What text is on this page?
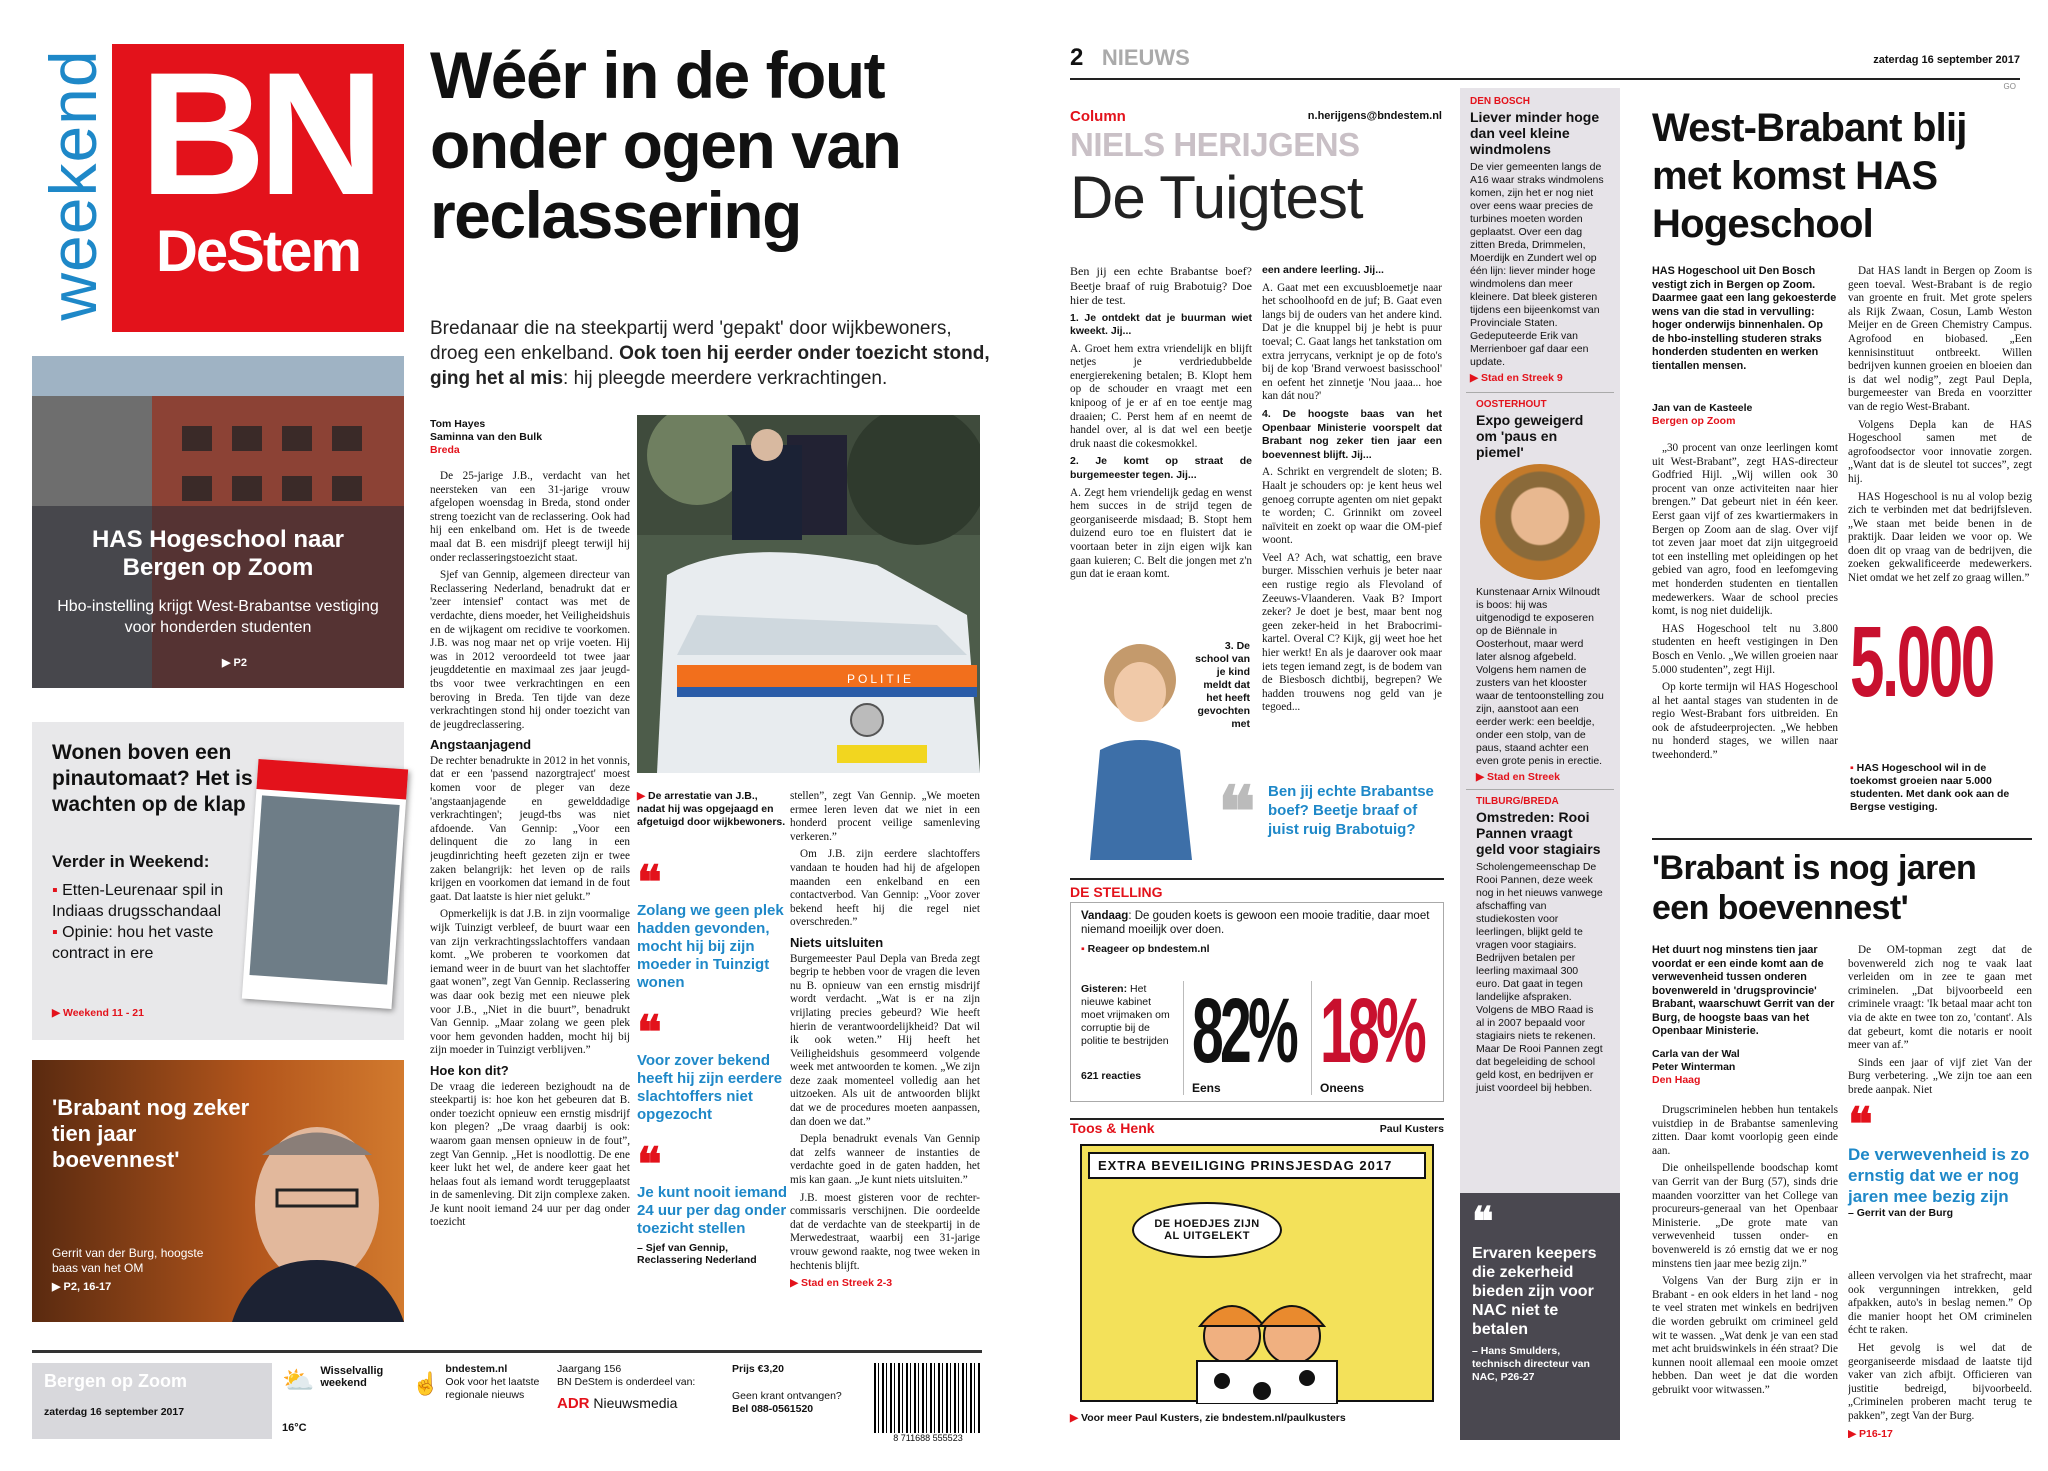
weekend BN
DeStem
Wéér in de fout onder ogen van reclassering
Bredanaar die na steekpartij werd 'gepakt' door wijkbewoners, droeg een enkelband. Ook toen hij eerder onder toezicht stond, ging het al mis: hij pleegde meerdere verkrachtingen.
Tom Hayes
Saminna van den Bulk
Breda

De 25-jarige J.B., verdacht van het neersteken van een 31-jarige vrouw afgelopen woensdag in Breda, stond onder streng toezicht van de reclassering. Ook had hij een enkelband om. Het is de tweede maal dat B. een misdrijf pleegt terwijl hij onder reclasseringstoezicht staat.

Sjef van Gennip, algemeen directeur van Reclassering Nederland, benadrukt dat er 'zeer intensief' contact was met de verdachte, diens moeder, het Veiligheidshuis en de wijkagent om recidive te voorkomen. J.B. was nog maar net op vrije voeten. Hij was in 2012 veroordeeld tot twee jaar jeugddetentie en maximaal zes jaar jeugd-tbs voor twee verkrachtingen en een beroving in Breda. Ten tijde van deze verkrachtingen stond hij onder toezicht van de jeugdreclassering.

Angstaanjagend

De rechter benadrukte in 2012 in het vonnis, dat er een 'passend nazorgtraject' moest komen voor de pleger van deze 'angstaanjagende en gewelddadige verkrachtingen'; jeugd-tbs was niet afdoende. Van Gennip: „Voor een delinquent die zo lang in een jeugdinrichting heeft gezeten zijn er twee zaken belangrijk: het leven op de rails krijgen en voorkomen dat iemand in de fout gaat. Dat laatste is hier niet gelukt.”

Opmerkelijk is dat J.B. in zijn voormalige wijk Tuinzigt verbleef, de buurt waar een van zijn verkrachtingsslachtoffers vandaan komt. „We proberen te voorkomen dat iemand weer in de buurt van het slachtoffer gaat wonen”, zegt Van Gennip. Reclassering was daar ook bezig met een nieuwe plek voor J.B., „Niet in die buurt”, benadrukt Van Gennip. „Maar zolang we geen plek voor hem gevonden hadden, mocht hij bij zijn moeder in Tuinzigt verblijven.”

Hoe kon dit?

De vraag die iedereen bezighoudt na de steekpartij is: hoe kon het gebeuren dat B. onder toezicht opnieuw een ernstig misdrijf kon plegen? „De vraag daarbij is ook: waarom gaan mensen opnieuw in de fout”, zegt Van Gennip. „Het is noodlottig. De ene keer lukt het wel, de andere keer gaat het helaas fout als iemand wordt teruggeplaatst in de samenleving. Dit zijn complexe zaken. Je kunt nooit iemand 24 uur per dag onder toezicht

POLITIE
▶ De arrestatie van J.B., nadat hij was opgejaagd en afgetuigd door wijkbewoners.
❝
Zolang we geen plek hadden gevonden, mocht hij bij zijn moeder in Tuinzigt wonen
❝
Voor zover bekend heeft hij zijn eerdere slachtoffers niet opgezocht
❝
Je kunt nooit iemand 24 uur per dag onder toezicht stellen
– Sjef van Gennip, Reclassering Nederland

stellen”, zegt Van Gennip. „We moeten ermee leren leven dat we niet in een honderd procent veilige samenleving verkeren.”

Om J.B. zijn eerdere slachtoffers vandaan te houden had hij de afgelopen maanden een enkelband en een contactverbod. Van Gennip: „Voor zover bekend heeft hij die regel niet overschreden.”

Niets uitsluiten

Burgemeester Paul Depla van Breda zegt begrip te hebben voor de vragen die leven nu B. opnieuw van een ernstig misdrijf wordt verdacht. „Wat is er na zijn vrijlating precies gebeurd? Wie heeft hierin de verantwoordelijkheid? Dat wil ik ook weten.” Hij heeft het Veiligheidshuis gesommeerd volgende week met antwoorden te komen. „We zijn deze zaak momenteel volledig aan het uitzoeken. Als uit de antwoorden blijkt dat we de procedures moeten aanpassen, dan doen we dat.”

Depla benadrukt evenals Van Gennip dat zelfs wanneer de instanties de verdachte goed in de gaten hadden, het mis kan gaan. „Je kunt niets uitsluiten.”

J.B. moest gisteren voor de rechter-commissaris verschijnen. Die oordeelde dat de verdachte van de steekpartij in de Merwedestraat, waarbij een 31-jarige vrouw gewond raakte, nog twee weken in hechtenis blijft.

▶ Stad en Streek 2-3
HAS Hogeschool naar Bergen op Zoom
Hbo-instelling krijgt West-Brabantse vestiging voor honderden studenten
▶ P2
Wonen boven een pinautomaat? Het is wachten op de klap
Verder in Weekend:
▪ Etten-Leurenaar spil in Indiaas drugsschandaal
▪ Opinie: hou het vaste contract in ere
▶ Weekend 11 - 21
'Brabant nog zeker tien jaar boevennest'
Gerrit van der Burg, hoogste baas van het OM
▶ P2, 16-17
Bergen op Zoom
zaterdag 16 september 2017
⛅ Wisselvallig weekend
16°C
☝
bndestem.nl
Ook voor het laatste regionale nieuws
Jaargang 156
BN DeStem is onderdeel van:
ADR Nieuwsmedia
Prijs €3,20
Geen krant ontvangen?
Bel 088-0561520
8 711688 555523
2 NIEUWS	zaterdag 16 september 2017
GO
Column	n.herijgens@bndestem.nl
NIELS HERIJGENS
De Tuigtest

Ben jij een echte Brabantse boef? Beetje braaf of ruig Brabotuig? Doe hier de test.

1. Je ontdekt dat je buurman wiet kweekt. Jij...

A. Groet hem extra vriendelijk en blijft netjes je verdriedubbelde energierekening betalen; B. Klopt hem op de schouder en vraagt met een knipoog of je er af en toe eentje mag draaien; C. Perst hem af en neemt de handel over, al is dat wel een beetje druk naast die cokesmokkel.

2. Je komt op straat de burgemeester tegen. Jij...

A. Zegt hem vriendelijk gedag en wenst hem succes in de strijd tegen de georganiseerde misdaad; B. Stopt hem duizend euro toe en fluistert dat ie voortaan beter in zijn eigen wijk kan gaan kuieren; C. Belt die jongen met z'n gun dat ie eraan komt.

3. De school van je kind meldt dat het heeft gevochten met

een andere leerling. Jij...

A. Gaat met een excuusbloemetje naar het schoolhoofd en de juf; B. Gaat even langs bij de ouders van het andere kind. Dat je die knuppel bij je hebt is puur toeval; C. Gaat langs het tankstation om extra jerrycans, verknipt je op de foto's bij de kop 'Brand verwoest basisschool' en oefent het zinnetje 'Nou jaaa... hoe kan dát nou?'

4. De hoogste baas van het Openbaar Ministerie voorspelt dat Brabant nog zeker tien jaar een boevennest blijft. Jij...

A. Schrikt en vergrendelt de sloten; B. Haalt je schouders op: je kent heus wel genoeg corrupte agenten om niet gepakt te worden; C. Grinnikt om zoveel naïviteit en zoekt op waar die OM-pief woont.

Veel A? Ach, wat schattig, een brave burger. Misschien verhuis je beter naar een rustige regio als Flevoland of Zeeuws-Vlaanderen. Vaak B? Import zeker? Je doet je best, maar bent nog geen zeker-heid in het Brabocrimi-kartel. Overal C? Kijk, gij weet hoe het hier werkt! En als je daarover ook maar iets tegen iemand zegt, is de bodem van de Biesbosch dichtbij, begrepen? We hadden trouwens nog geld van je tegoed...

❝ Ben jij echte Brabantse boef? Beetje braaf of juist ruig Brabotuig?
DE STELLING
Vandaag: De gouden koets is gewoon een mooie traditie, daar moet niemand moeilijk over doen.
▪ Reageer op bndestem.nl
Gisteren: Het nieuwe kabinet moet vrijmaken om corruptie bij de politie te bestrijden
621 reacties 82%
Eens
18%
Oneens
Toos & Henk	Paul Kusters
EXTRA BEVEILIGING PRINSJESDAG 2017
DE HOEDJES ZIJN AL UITGELEKT
▶ Voor meer Paul Kusters, zie bndestem.nl/paulkusters
DEN BOSCH
Liever minder hoge dan veel kleine windmolens
De vier gemeenten langs de A16 waar straks windmolens komen, zijn het er nog niet over eens waar precies de turbines moeten worden geplaatst. Over een dag zitten Breda, Drimmelen, Moerdijk en Zundert wel op één lijn: liever minder hoge windmolens dan meer kleinere. Dat bleek gisteren tijdens een bijeenkomst van Provinciale Staten. Gedeputeerde Erik van Merrienboer gaf daar een update.
▶ Stad en Streek 9
OOSTERHOUT
Expo geweigerd om 'paus en piemel'
Kunstenaar Arnix Wilnoudt is boos: hij was uitgenodigd te exposeren op de Biënnale in Oosterhout, maar werd later alsnog afgebeld. Volgens hem namen de zusters van het klooster waar de tentoonstelling zou zijn, aanstoot aan een eerder werk: een beeldje, onder een stolp, van de paus, staand achter een even grote penis in erectie.
▶ Stad en Streek
TILBURG/BREDA
Omstreden: Rooi Pannen vraagt geld voor stagiairs
Scholengemeenschap De Rooi Pannen, deze week nog in het nieuws vanwege afschaffing van studiekosten voor leerlingen, blijkt geld te vragen voor stagiairs. Bedrijven betalen per leerling maximaal 300 euro. Dat gaat in tegen landelijke afspraken. Volgens de MBO Raad is al in 2007 bepaald voor stagiairs niets te rekenen. Maar De Rooi Pannen zegt dat begeleiding de school geld kost, en bedrijven er juist voordeel bij hebben.
❝
Ervaren keepers die zekerheid bieden zijn voor NAC niet te betalen
– Hans Smulders, technisch directeur van NAC, P26-27
West-Brabant blij met komst HAS Hogeschool
HAS Hogeschool uit Den Bosch vestigt zich in Bergen op Zoom. Daarmee gaat een lang gekoesterde wens van die stad in vervulling: hoger onderwijs binnenhalen. Op de hbo-instelling studeren straks honderden studenten en werken tientallen mensen.
Jan van de Kasteele
Bergen op Zoom

„30 procent van onze leerlingen komt uit West-Brabant”, zegt HAS-directeur Godfried Hijl. „Wij willen ook 30 procent van onze activiteiten naar hier brengen.” Dat gebeurt niet in één keer. Eerst gaan vijf of zes kwartiermakers in Bergen op Zoom aan de slag. Over vijf tot zeven jaar moet dat zijn uitgegroeid tot een instelling met opleidingen op het gebied van agro, food en leefomgeving met honderden studenten en tientallen medewerkers. Waar de school precies komt, is nog niet duidelijk.

HAS Hogeschool telt nu 3.800 studenten en heeft vestigingen in Den Bosch en Venlo. „We willen groeien naar 5.000 studenten”, zegt Hijl.

Op korte termijn wil HAS Hogeschool al het aantal stages van studenten in de regio West-Brabant fors uitbreiden. En ook de afstudeerprojecten. „We hebben nu honderd stages, we willen naar tweehonderd.”

Dat HAS landt in Bergen op Zoom is geen toeval. West-Brabant is de regio van groente en fruit. Met grote spelers als Rijk Zwaan, Cosun, Lamb Weston Meijer en de Green Chemistry Campus. Agrofood en biobased. „Een kennisinstituut ontbreekt. Willen bedrijven kunnen groeien en bloeien dan is dat wel nodig”, zegt Paul Depla, burgemeester van Breda en voorzitter van de regio West-Brabant.

Volgens Depla kan de HAS Hogeschool samen met de agrofoodsector voor innovatie zorgen. „Want dat is de sleutel tot succes”, zegt hij.

HAS Hogeschool is nu al volop bezig zich te verbinden met dat bedrijfsleven. „We staan met beide benen in de praktijk. Daar leiden we voor op. We doen dit op vraag van de bedrijven, die zoeken gekwalificeerde medewerkers. Niet omdat we het zelf zo graag willen.”

5.000
▪ HAS Hogeschool wil in de toekomst groeien naar 5.000 studenten. Met dank ook aan de Bergse vestiging.
'Brabant is nog jaren een boevennest'
Het duurt nog minstens tien jaar voordat er een einde komt aan de verwevenheid tussen onderen bovenwereld in 'drugsprovincie' Brabant, waarschuwt Gerrit van der Burg, de hoogste baas van het Openbaar Ministerie.
Carla van der Wal
Peter Winterman
Den Haag

Drugscriminelen hebben hun tentakels vuistdiep in de Brabantse samenleving zitten. Daar komt voorlopig geen einde aan.

Die onheilspellende boodschap komt van Gerrit van der Burg (57), sinds drie maanden voorzitter van het College van procureurs-generaal van het Openbaar Ministerie. „De grote mate van verwevenheid tussen onder- en bovenwereld is zó ernstig dat we er nog minstens tien jaar mee bezig zijn.”

Volgens Van der Burg zijn er in Brabant - en ook elders in het land - nog te veel straten met winkels en bedrijven die worden gebruikt om crimineel geld wit te wassen. „Wat denk je van een stad met acht bruidswinkels in één straat? Die kunnen nooit allemaal een mooie omzet hebben. Dan weet je dat die worden gebruikt voor witwassen.”

De OM-topman zegt dat de bovenwereld zich nog te vaak laat verleiden om in zee te gaan met criminelen. „Dat bijvoorbeeld een criminele vraagt: 'Ik betaal maar acht ton via de akte en twee ton zo, 'contant'. Als dat gebeurt, komt die notaris er nooit meer van af.”

Sinds een jaar of vijf ziet Van der Burg verbetering. „We zijn toe aan een brede aanpak. Niet

❝
De verwevenheid is zo ernstig dat we er nog jaren mee bezig zijn
– Gerrit van der Burg

alleen vervolgen via het strafrecht, maar ook vergunningen intrekken, geld afpakken, auto's in beslag nemen.” Op die manier hoopt het OM criminelen écht te raken.

Het gevolg is wel dat de georganiseerde misdaad de laatste tijd vaker van zich afbijt. Officieren van justitie bedreigd, bijvoorbeeld. „Criminelen proberen macht terug te pakken”, zegt Van der Burg.

▶ P16-17
